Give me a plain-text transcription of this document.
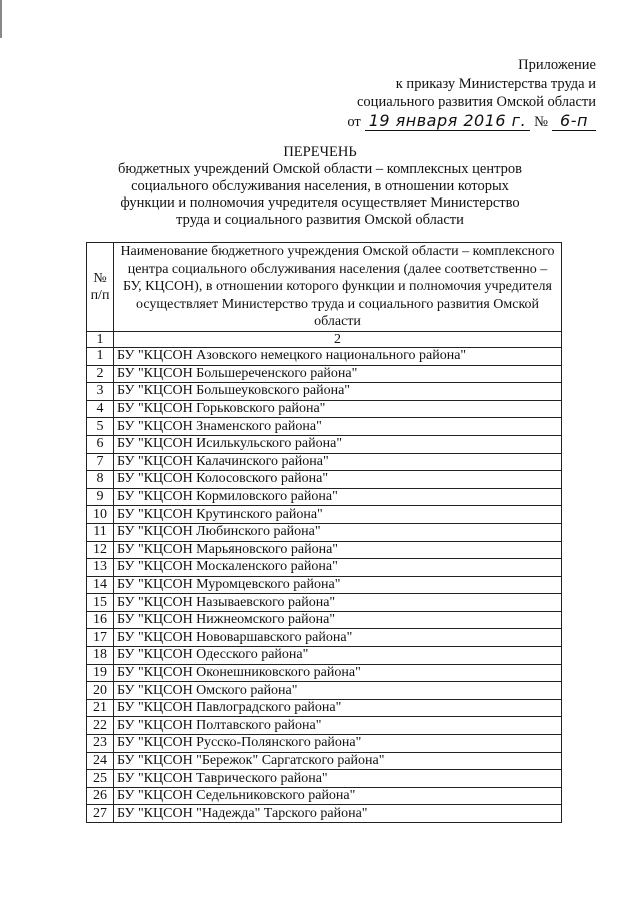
Приложение
к приказу Министерства труда и
социального развития Омской области
от 19 января 2016 г. № 6-п
ПЕРЕЧЕНЬ
бюджетных учреждений Омской области – комплексных центров
социального обслуживания населения, в отношении которых
функции и полномочия учредителя осуществляет Министерство
труда и социального развития Омской области
№ п/п	Наименование бюджетного учреждения Омской области – комплексного центра социального обслуживания населения (далее соответственно – БУ, КЦСОН), в отношении которого функции и полномочия учредителя осуществляет Министерство труда и социального развития Омской области
1	2
1	БУ "КЦСОН Азовского немецкого национального района"
2	БУ "КЦСОН Большереченского района"
3	БУ "КЦСОН Большеуковского района"
4	БУ "КЦСОН Горьковского района"
5	БУ "КЦСОН Знаменского района"
6	БУ "КЦСОН Исилькульского района"
7	БУ "КЦСОН Калачинского района"
8	БУ "КЦСОН Колосовского района"
9	БУ "КЦСОН Кормиловского района"
10	БУ "КЦСОН Крутинского района"
11	БУ "КЦСОН Любинского района"
12	БУ "КЦСОН Марьяновского района"
13	БУ "КЦСОН Москаленского района"
14	БУ "КЦСОН Муромцевского района"
15	БУ "КЦСОН Называевского района"
16	БУ "КЦСОН Нижнеомского района"
17	БУ "КЦСОН Нововаршавского района"
18	БУ "КЦСОН Одесского района"
19	БУ "КЦСОН Оконешниковского района"
20	БУ "КЦСОН Омского района"
21	БУ "КЦСОН Павлоградского района"
22	БУ "КЦСОН Полтавского района"
23	БУ "КЦСОН Русско-Полянского района"
24	БУ "КЦСОН "Бережок" Саргатского района"
25	БУ "КЦСОН Таврического района"
26	БУ "КЦСОН Седельниковского района"
27	БУ "КЦСОН "Надежда" Тарского района"
